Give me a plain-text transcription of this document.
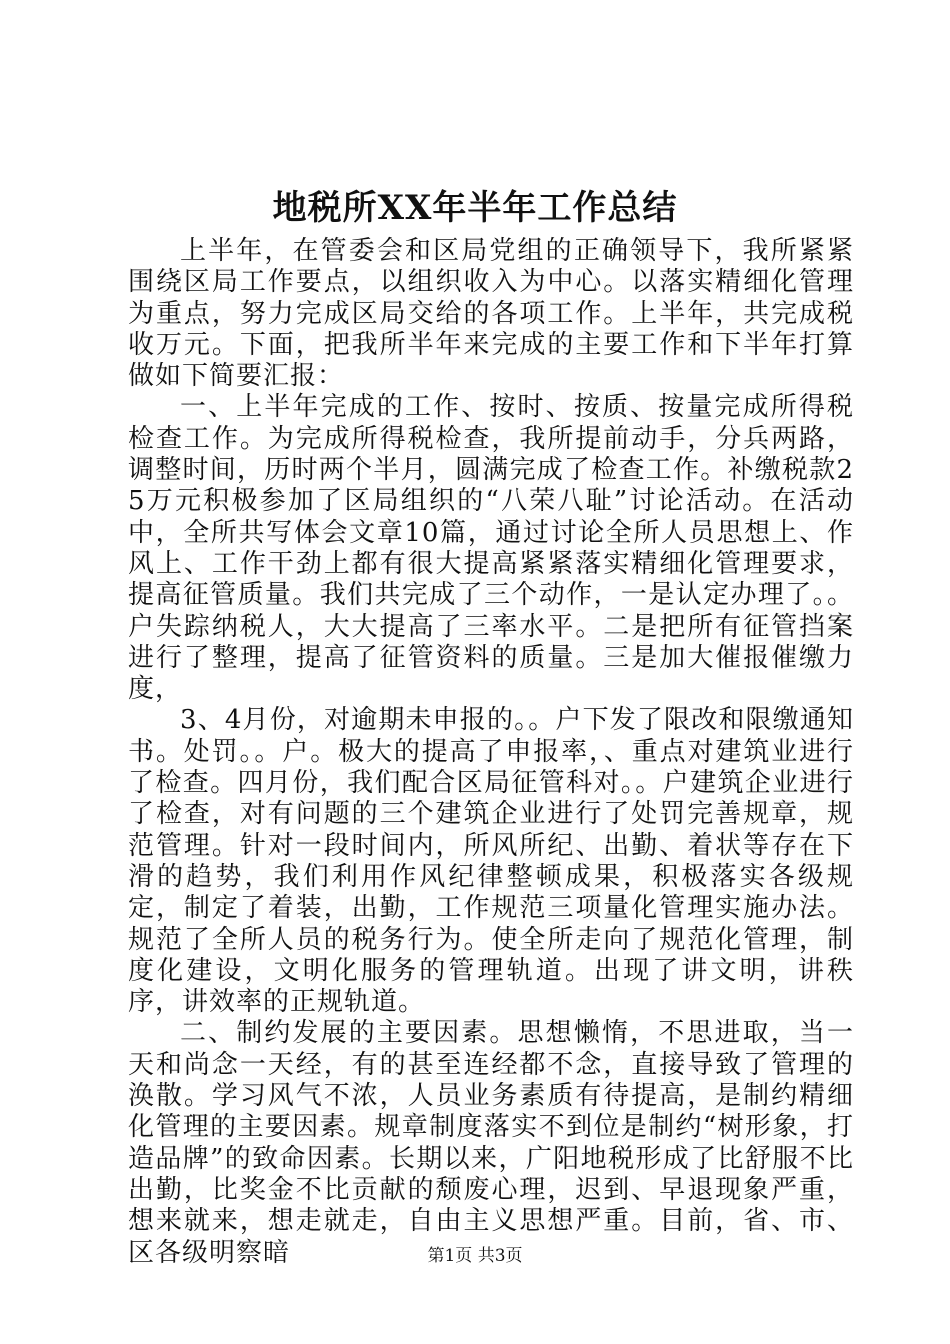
地税所XX年半年工作总结

上半年，在管委会和区局党组的正确领导下，我所紧紧围绕区局工作要点，以组织收入为中心。以落实精细化管理为重点，努力完成区局交给的各项工作。上半年，共完成税收万元。下面，把我所半年来完成的主要工作和下半年打算做如下简要汇报：

一、上半年完成的工作、按时、按质、按量完成所得税检查工作。为完成所得税检查，我所提前动手，分兵两路，调整时间，历时两个半月，圆满完成了检查工作。补缴税款25万元积极参加了区局组织的“八荣八耻”讨论活动。在活动中，全所共写体会文章10篇，通过讨论全所人员思想上、作风上、工作干劲上都有很大提高紧紧落实精细化管理要求，提高征管质量。我们共完成了三个动作，一是认定办理了。。户失踪纳税人，大大提高了三率水平。二是把所有征管挡案进行了整理，提高了征管资料的质量。三是加大催报催缴力度，

3、4月份，对逾期未申报的。。户下发了限改和限缴通知书。处罚。。户。极大的提高了申报率，、重点对建筑业进行了检查。四月份，我们配合区局征管科对。。户建筑企业进行了检查，对有问题的三个建筑企业进行了处罚完善规章，规范管理。针对一段时间内，所风所纪、出勤、着状等存在下滑的趋势，我们利用作风纪律整顿成果，积极落实各级规定，制定了着装，出勤，工作规范三项量化管理实施办法。规范了全所人员的税务行为。使全所走向了规范化管理，制度化建设，文明化服务的管理轨道。出现了讲文明，讲秩序，讲效率的正规轨道。

二、制约发展的主要因素。思想懒惰，不思进取，当一天和尚念一天经，有的甚至连经都不念，直接导致了管理的涣散。学习风气不浓，人员业务素质有待提高，是制约精细化管理的主要因素。规章制度落实不到位是制约“树形象，打造品牌”的致命因素。长期以来，广阳地税形成了比舒服不比出勤，比奖金不比贡献的颓废心理，迟到、早退现象严重，想来就来，想走就走，自由主义思想严重。目前，省、市、区各级明察暗	第1页 共3页
